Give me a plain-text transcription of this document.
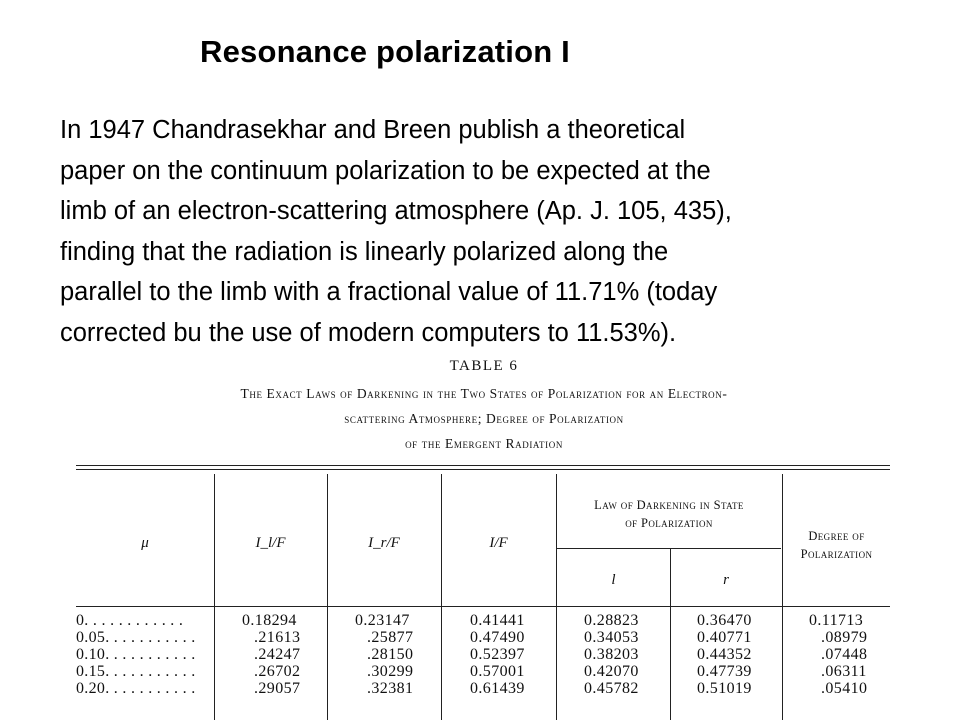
Resonance polarization I
In 1947 Chandrasekhar and Breen publish a theoretical
paper on the continuum polarization to be expected at the
limb of an electron-scattering atmosphere (Ap. J. 105, 435),
finding that the radiation is linearly polarized along the
parallel to the limb with a fractional value of 11.71% (today
corrected bu the use of modern computers to 11.53%).
TABLE 6
The Exact Laws of Darkening in the Two States of Polarization for an Electron-
scattering Atmosphere; Degree of Polarization
of the Emergent Radiation
μ	I_l/F	I_r/F	I/F
Law of Darkening in State
of Polarization
l	r
Degree of
Polarization
0. . . . . . . . . . . .	0.18294	0.23147	0.41441	0.28823	0.36470	0.11713
0.05. . . . . . . . . . .	.21613	.25877	0.47490	0.34053	0.40771	.08979
0.10. . . . . . . . . . .	.24247	.28150	0.52397	0.38203	0.44352	.07448
0.15. . . . . . . . . . .	.26702	.30299	0.57001	0.42070	0.47739	.06311
0.20. . . . . . . . . . .	.29057	.32381	0.61439	0.45782	0.51019	.05410
